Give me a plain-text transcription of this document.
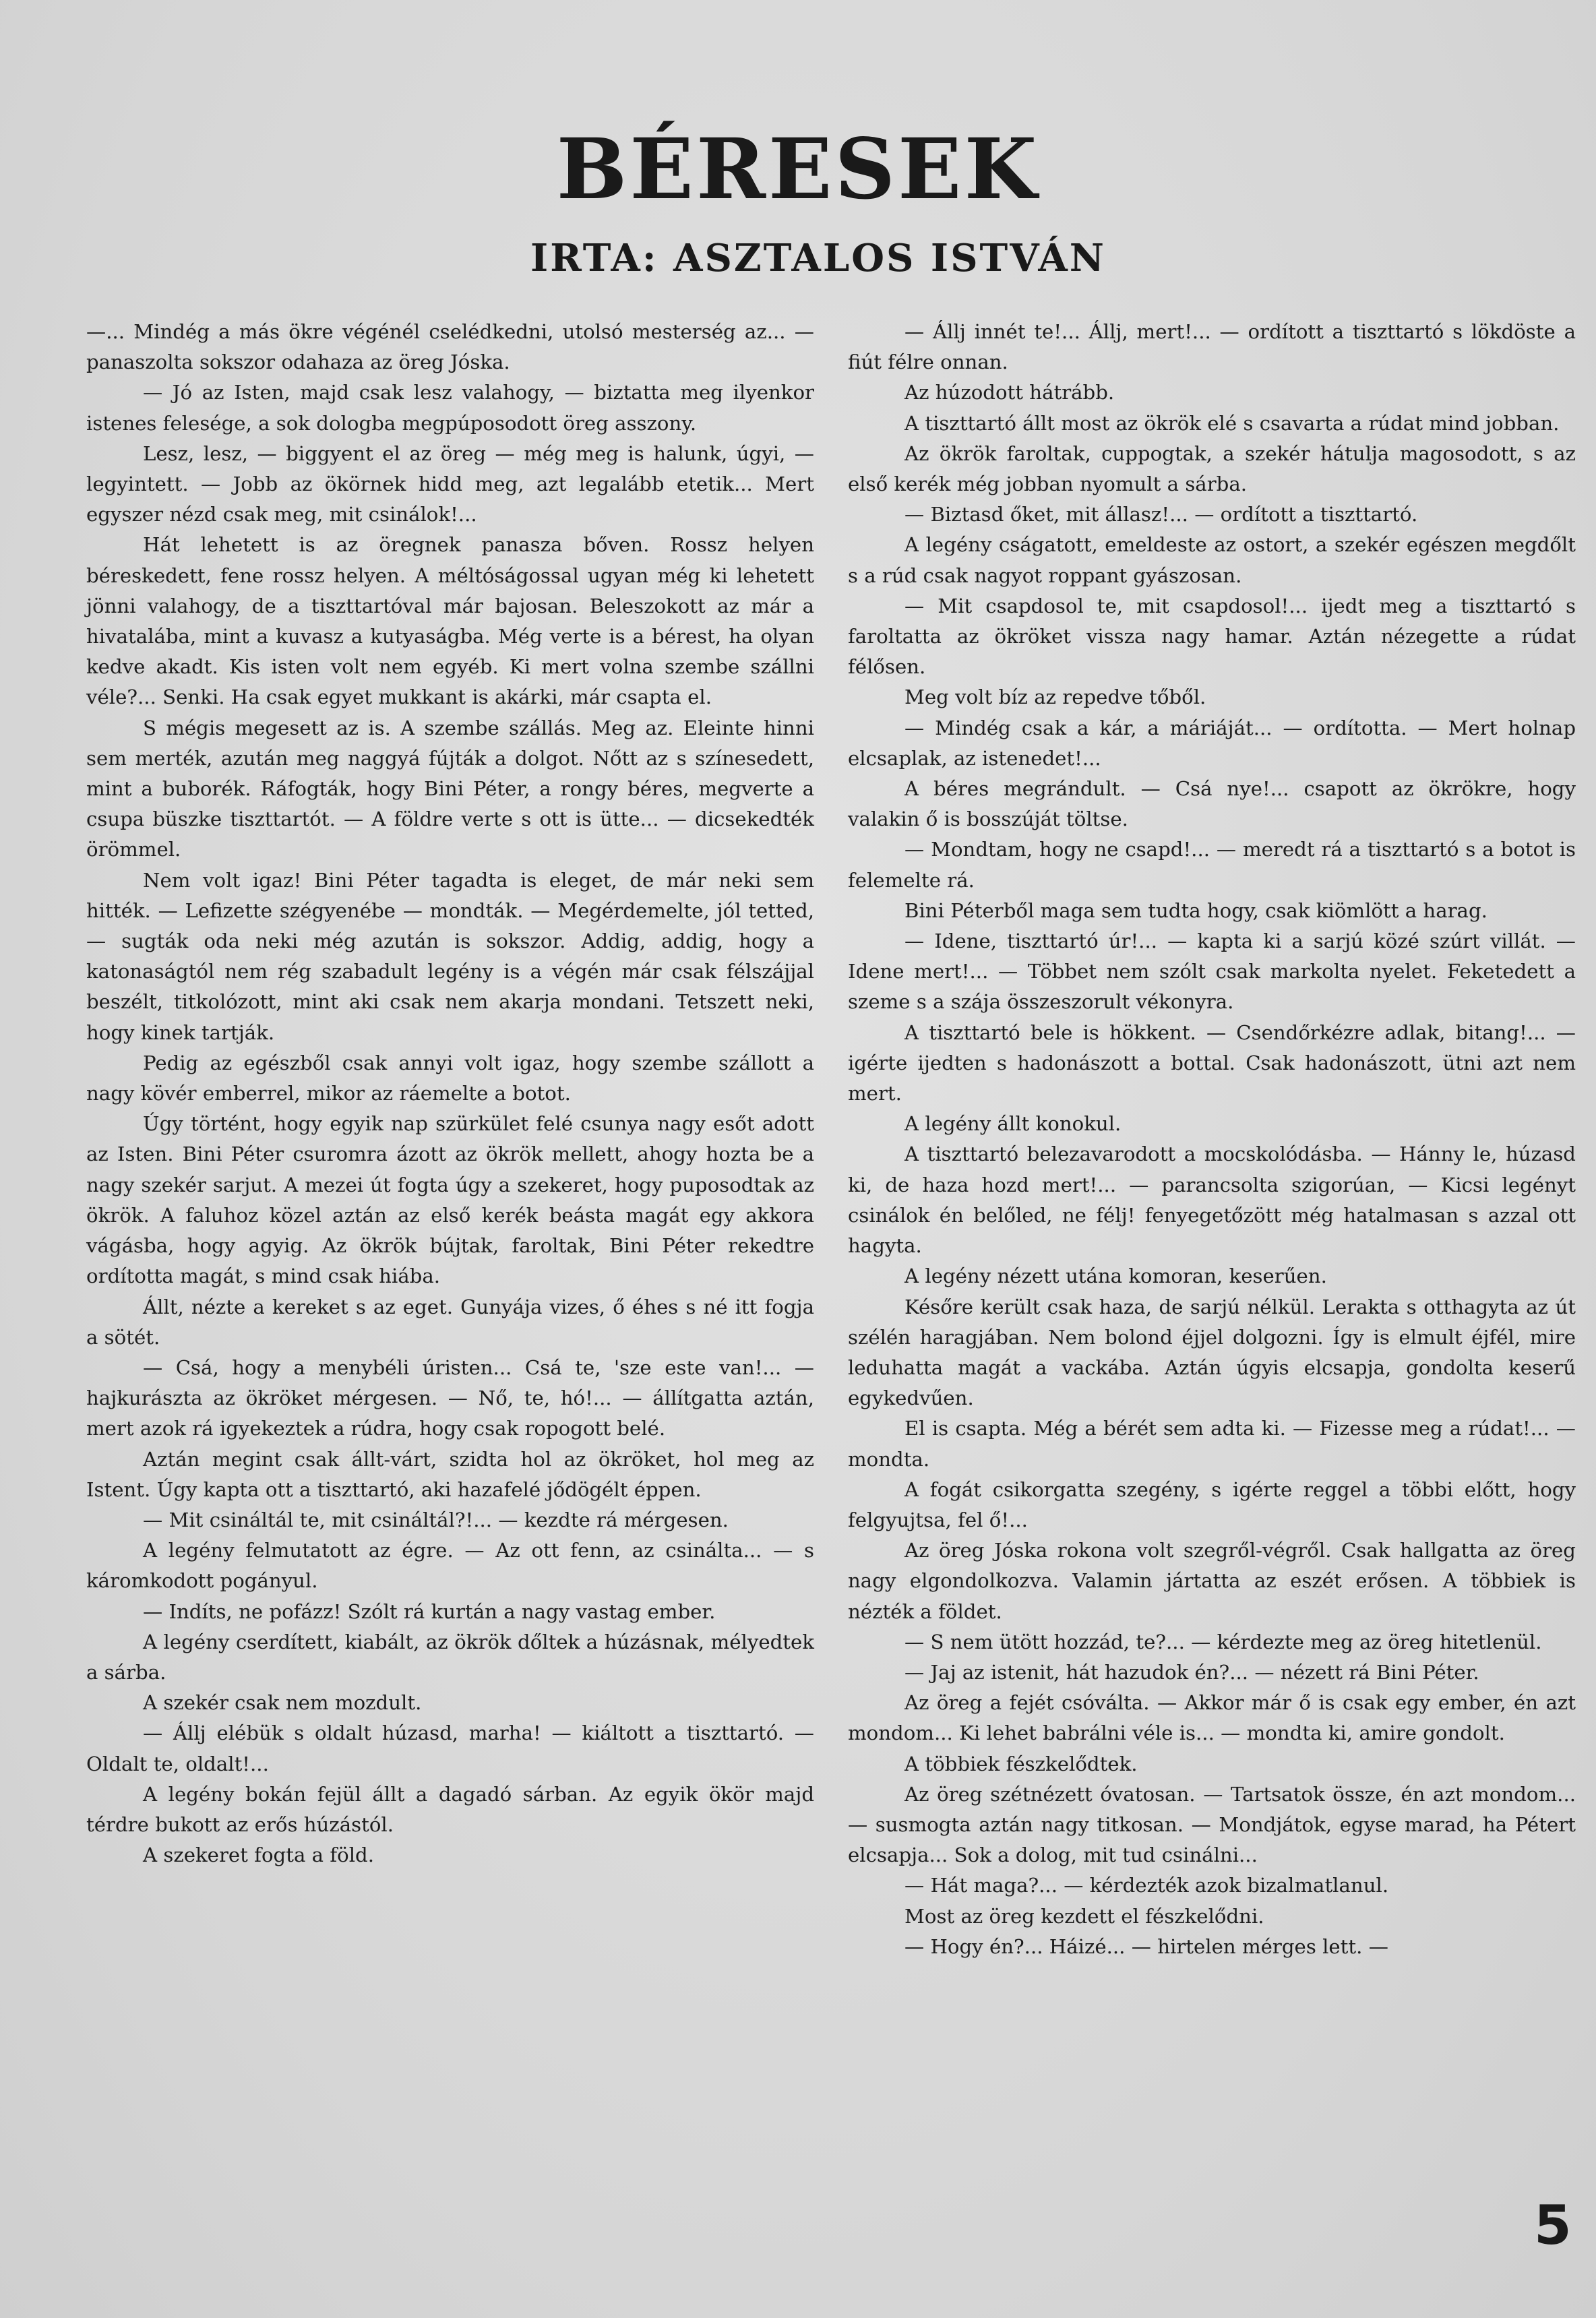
BÉRESEK
IRTA: ASZTALOS ISTVÁN

—... Mindég a más ökre végénél cselédkedni, utolsó mesterség az... — panaszolta sokszor odahaza az öreg Jóska.

— Jó az Isten, majd csak lesz valahogy, — biztatta meg ilyenkor istenes felesége, a sok dologba megpúposodott öreg asszony.

Lesz, lesz, — biggyent el az öreg — még meg is halunk, úgyi, — legyintett. — Jobb az ökörnek hidd meg, azt legalább etetik... Mert egyszer nézd csak meg, mit csinálok!...

Hát lehetett is az öregnek panasza bőven. Rossz helyen béreskedett, fene rossz helyen. A méltóságossal ugyan még ki lehetett jönni valahogy, de a tiszttartóval már bajosan. Beleszokott az már a hivatalába, mint a kuvasz a kutyaságba. Még verte is a bérest, ha olyan kedve akadt. Kis isten volt nem egyéb. Ki mert volna szembe szállni véle?... Senki. Ha csak egyet mukkant is akárki, már csapta el.

S mégis megesett az is. A szembe szállás. Meg az. Eleinte hinni sem merték, azután meg naggyá fújták a dolgot. Nőtt az s színesedett, mint a buborék. Ráfogták, hogy Bini Péter, a rongy béres, megverte a csupa büszke tiszttartót. — A földre verte s ott is ütte... — dicsekedték örömmel.

Nem volt igaz! Bini Péter tagadta is eleget, de már neki sem hitték. — Lefizette szégyenébe — mondták. — Megérdemelte, jól tetted, — sugták oda neki még azután is sokszor. Addig, addig, hogy a katonaságtól nem rég szabadult legény is a végén már csak félszájjal beszélt, titkolózott, mint aki csak nem akarja mondani. Tetszett neki, hogy kinek tartják.

Pedig az egészből csak annyi volt igaz, hogy szembe szállott a nagy kövér emberrel, mikor az ráemelte a botot.

Úgy történt, hogy egyik nap szürkület felé csunya nagy esőt adott az Isten. Bini Péter csuromra ázott az ökrök mellett, ahogy hozta be a nagy szekér sarjut. A mezei út fogta úgy a szekeret, hogy puposodtak az ökrök. A faluhoz közel aztán az első kerék beásta magát egy akkora vágásba, hogy agyig. Az ökrök bújtak, faroltak, Bini Péter rekedtre ordította magát, s mind csak hiába.

Állt, nézte a kereket s az eget. Gunyája vizes, ő éhes s né itt fogja a sötét.

— Csá, hogy a menybéli úristen... Csá te, 'sze este van!... — hajkurászta az ökröket mérgesen. — Nő, te, hó!... — állítgatta aztán, mert azok rá igyekeztek a rúdra, hogy csak ropogott belé.

Aztán megint csak állt-várt, szidta hol az ökröket, hol meg az Istent. Úgy kapta ott a tiszttartó, aki hazafelé jődögélt éppen.

— Mit csináltál te, mit csináltál?!... — kezdte rá mérgesen.

A legény felmutatott az égre. — Az ott fenn, az csinálta... — s káromkodott pogányul.

— Indíts, ne pofázz! Szólt rá kurtán a nagy vastag ember.

A legény cserdített, kiabált, az ökrök dőltek a húzásnak, mélyedtek a sárba.

A szekér csak nem mozdult.

— Állj elébük s oldalt húzasd, marha! — kiáltott a tiszttartó. — Oldalt te, oldalt!...

A legény bokán fejül állt a dagadó sárban. Az egyik ökör majd térdre bukott az erős húzástól.

A szekeret fogta a föld.

— Állj innét te!... Állj, mert!... — ordított a tiszttartó s lökdöste a fiút félre onnan.

Az húzodott hátrább.

A tiszttartó állt most az ökrök elé s csavarta a rúdat mind jobban.

Az ökrök faroltak, cuppogtak, a szekér hátulja magosodott, s az első kerék még jobban nyomult a sárba.

— Biztasd őket, mit állasz!... — ordított a tiszttartó.

A legény cságatott, emeldeste az ostort, a szekér egészen megdőlt s a rúd csak nagyot roppant gyászosan.

— Mit csapdosol te, mit csapdosol!... ijedt meg a tiszttartó s faroltatta az ökröket vissza nagy hamar. Aztán nézegette a rúdat félősen.

Meg volt bíz az repedve tőből.

— Mindég csak a kár, a máriáját... — ordította. — Mert holnap elcsaplak, az istenedet!...

A béres megrándult. — Csá nye!... csapott az ökrökre, hogy valakin ő is bosszúját töltse.

— Mondtam, hogy ne csapd!... — meredt rá a tiszttartó s a botot is felemelte rá.

Bini Péterből maga sem tudta hogy, csak kiömlött a harag.

— Idene, tiszttartó úr!... — kapta ki a sarjú közé szúrt villát. — Idene mert!... — Többet nem szólt csak markolta nyelet. Feketedett a szeme s a szája összeszorult vékonyra.

A tiszttartó bele is hökkent. — Csendőrkézre adlak, bitang!... — igérte ijedten s hadonászott a bottal. Csak hadonászott, ütni azt nem mert.

A legény állt konokul.

A tiszttartó belezavarodott a mocskolódásba. — Hánny le, húzasd ki, de haza hozd mert!... — parancsolta szigorúan, — Kicsi legényt csinálok én belőled, ne félj! fenyegetőzött még hatalmasan s azzal ott hagyta.

A legény nézett utána komoran, keserűen.

Későre került csak haza, de sarjú nélkül. Lerakta s otthagyta az út szélén haragjában. Nem bolond éjjel dolgozni. Így is elmult éjfél, mire leduhatta magát a vackába. Aztán úgyis elcsapja, gondolta keserű egykedvűen.

El is csapta. Még a bérét sem adta ki. — Fizesse meg a rúdat!... — mondta.

A fogát csikorgatta szegény, s igérte reggel a többi előtt, hogy felgyujtsa, fel ő!...

Az öreg Jóska rokona volt szegről-végről. Csak hallgatta az öreg nagy elgondolkozva. Valamin jártatta az eszét erősen. A többiek is nézték a földet.

— S nem ütött hozzád, te?... — kérdezte meg az öreg hitetlenül.

— Jaj az istenit, hát hazudok én?... — nézett rá Bini Péter.

Az öreg a fejét csóválta. — Akkor már ő is csak egy ember, én azt mondom... Ki lehet babrálni véle is... — mondta ki, amire gondolt.

A többiek fészkelődtek.

Az öreg szétnézett óvatosan. — Tartsatok össze, én azt mondom... — susmogta aztán nagy titkosan. — Mondjátok, egyse marad, ha Pétert elcsapja... Sok a dolog, mit tud csinálni...

— Hát maga?... — kérdezték azok bizalmatlanul.

Most az öreg kezdett el fészkelődni.

— Hogy én?... Háizé... — hirtelen mérges lett. —

5
